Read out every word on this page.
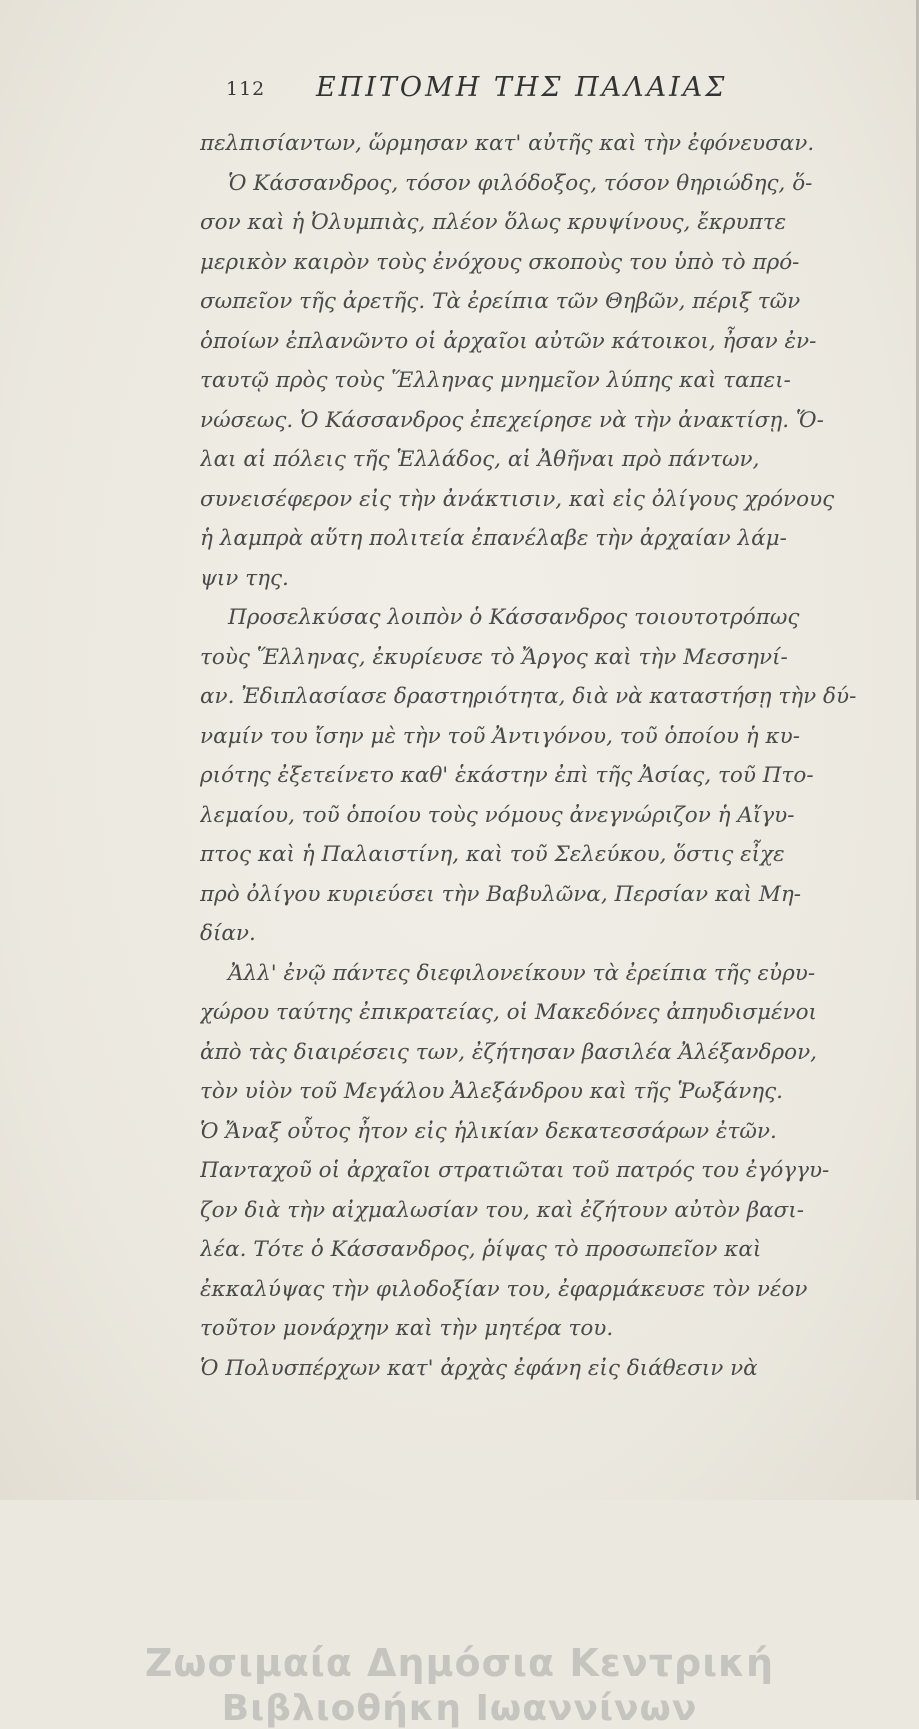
112 ΕΠΙΤΟΜΗ ΤΗΣ ΠΑΛΑΙΑΣ
πελπισίαντων, ὥρμησαν κατ' αὐτῆς καὶ τὴν ἐφόνευσαν.
Ὁ Κάσσανδρος, τόσον φιλόδοξος, τόσον θηριώδης, ὅ-
σον καὶ ἡ Ὀλυμπιὰς, πλέον ὅλως κρυψίνους, ἔκρυπτε
μερικὸν καιρὸν τοὺς ἐνόχους σκοποὺς του ὑπὸ τὸ πρό-
σωπεῖον τῆς ἀρετῆς. Τὰ ἐρείπια τῶν Θηβῶν, πέριξ τῶν
ὁποίων ἐπλανῶντο οἱ ἀρχαῖοι αὐτῶν κάτοικοι, ἦσαν ἐν-
ταυτῷ πρὸς τοὺς Ἕλληνας μνημεῖον λύπης καὶ ταπει-
νώσεως. Ὁ Κάσσανδρος ἐπεχείρησε νὰ τὴν ἀνακτίσῃ. Ὅ-
λαι αἱ πόλεις τῆς Ἑλλάδος, αἱ Ἀθῆναι πρὸ πάντων,
συνεισέφερον εἰς τὴν ἀνάκτισιν, καὶ εἰς ὀλίγους χρόνους
ἡ λαμπρὰ αὕτη πολιτεία ἐπανέλαβε τὴν ἀρχαίαν λάμ-
ψιν της.
Προσελκύσας λοιπὸν ὁ Κάσσανδρος τοιουτοτρόπως
τοὺς Ἕλληνας, ἐκυρίευσε τὸ Ἄργος καὶ τὴν Μεσσηνί-
αν. Ἐδιπλασίασε δραστηριότητα, διὰ νὰ καταστήσῃ τὴν δύ-
ναμίν του ἴσην μὲ τὴν τοῦ Ἀντιγόνου, τοῦ ὁποίου ἡ κυ-
ριότης ἐξετείνετο καθ' ἑκάστην ἐπὶ τῆς Ἀσίας, τοῦ Πτο-
λεμαίου, τοῦ ὁποίου τοὺς νόμους ἀνεγνώριζον ἡ Αἴγυ-
πτος καὶ ἡ Παλαιστίνη, καὶ τοῦ Σελεύκου, ὅστις εἶχε
πρὸ ὀλίγου κυριεύσει τὴν Βαβυλῶνα, Περσίαν καὶ Μη-
δίαν.
Ἀλλ' ἐνῷ πάντες διεφιλονείκουν τὰ ἐρείπια τῆς εὐρυ-
χώρου ταύτης ἐπικρατείας, οἱ Μακεδόνες ἀπηυδισμένοι
ἀπὸ τὰς διαιρέσεις των, ἐζήτησαν βασιλέα Ἀλέξανδρον,
τὸν υἱὸν τοῦ Μεγάλου Ἀλεξάνδρου καὶ τῆς Ῥωξάνης.
Ὁ Ἄναξ οὗτος ἦτον εἰς ἡλικίαν δεκατεσσάρων ἐτῶν.
Πανταχοῦ οἱ ἀρχαῖοι στρατιῶται τοῦ πατρός του ἐγόγγυ-
ζον διὰ τὴν αἰχμαλωσίαν του, καὶ ἐζήτουν αὐτὸν βασι-
λέα. Τότε ὁ Κάσσανδρος, ῥίψας τὸ προσωπεῖον καὶ
ἐκκαλύψας τὴν φιλοδοξίαν του, ἐφαρμάκευσε τὸν νέον
τοῦτον μονάρχην καὶ τὴν μητέρα του.
Ὁ Πολυσπέρχων κατ' ἀρχὰς ἐφάνη εἰς διάθεσιν νὰ
Ζωσιμαία Δημόσια Κεντρική
Βιβλιοθήκη Ιωαννίνων
